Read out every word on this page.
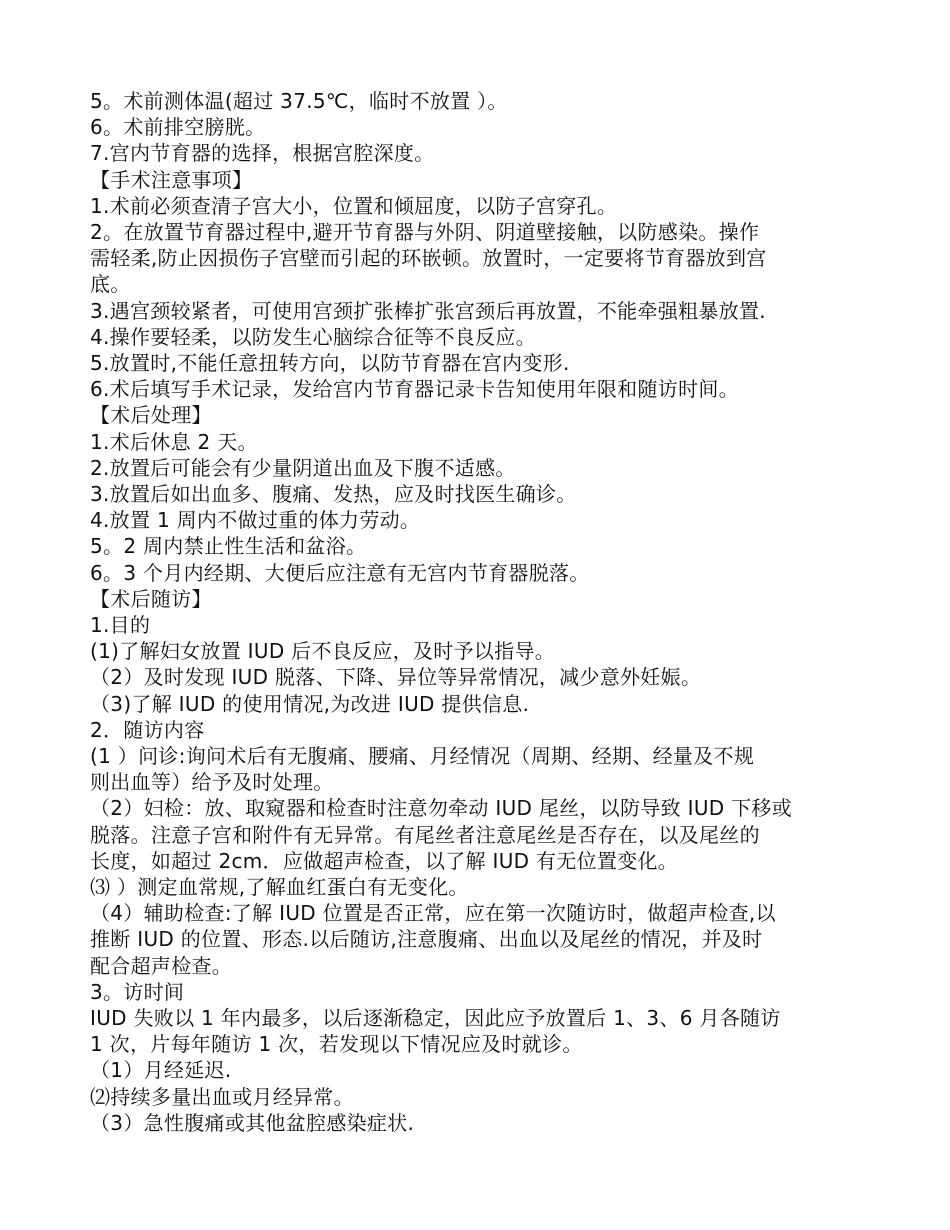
5。术前测体温(超过 37.5℃，临时不放置 ）。
6。术前排空膀胱。
7.宫内节育器的选择，根据宫腔深度。
【手术注意事项】
1.术前必须查清子宫大小，位置和倾屈度，以防子宫穿孔。
2。在放置节育器过程中,避开节育器与外阴、阴道壁接触，以防感染。操作
需轻柔,防止因损伤子宫壁而引起的环嵌顿。放置时，一定要将节育器放到宫
底。
3.遇宫颈较紧者，可使用宫颈扩张棒扩张宫颈后再放置，不能牵强粗暴放置.
4.操作要轻柔，以防发生心脑综合征等不良反应。
5.放置时,不能任意扭转方向，以防节育器在宫内变形.
6.术后填写手术记录，发给宫内节育器记录卡告知使用年限和随访时间。
【术后处理】
1.术后休息 2 天。
2.放置后可能会有少量阴道出血及下腹不适感。
3.放置后如出血多、腹痛、发热，应及时找医生确诊。
4.放置 1 周内不做过重的体力劳动。
5。2 周内禁止性生活和盆浴。
6。3 个月内经期、大便后应注意有无宫内节育器脱落。
【术后随访】
1.目的
(1)了解妇女放置 IUD 后不良反应，及时予以指导。
（2）及时发现 IUD 脱落、下降、异位等异常情况，减少意外妊娠。
（3)了解 IUD 的使用情况,为改进 IUD 提供信息.
2．随访内容
(1 ）问诊:询问术后有无腹痛、腰痛、月经情况（周期、经期、经量及不规
则出血等）给予及时处理。
（2）妇检：放、取窥器和检查时注意勿牵动 IUD 尾丝，以防导致 IUD 下移或
脱落。注意子宫和附件有无异常。有尾丝者注意尾丝是否存在，以及尾丝的
长度，如超过 2cm．应做超声检查，以了解 IUD 有无位置变化。
⑶ ）测定血常规,了解血红蛋白有无变化。
（4）辅助检查:了解 IUD 位置是否正常，应在第一次随访时，做超声检查,以
推断 IUD 的位置、形态.以后随访,注意腹痛、出血以及尾丝的情况，并及时
配合超声检查。
3。访时间
IUD 失败以 1 年内最多，以后逐渐稳定，因此应予放置后 1、3、6 月各随访
1 次，片每年随访 1 次，若发现以下情况应及时就诊。
（1）月经延迟.
⑵持续多量出血或月经异常。
（3）急性腹痛或其他盆腔感染症状.
